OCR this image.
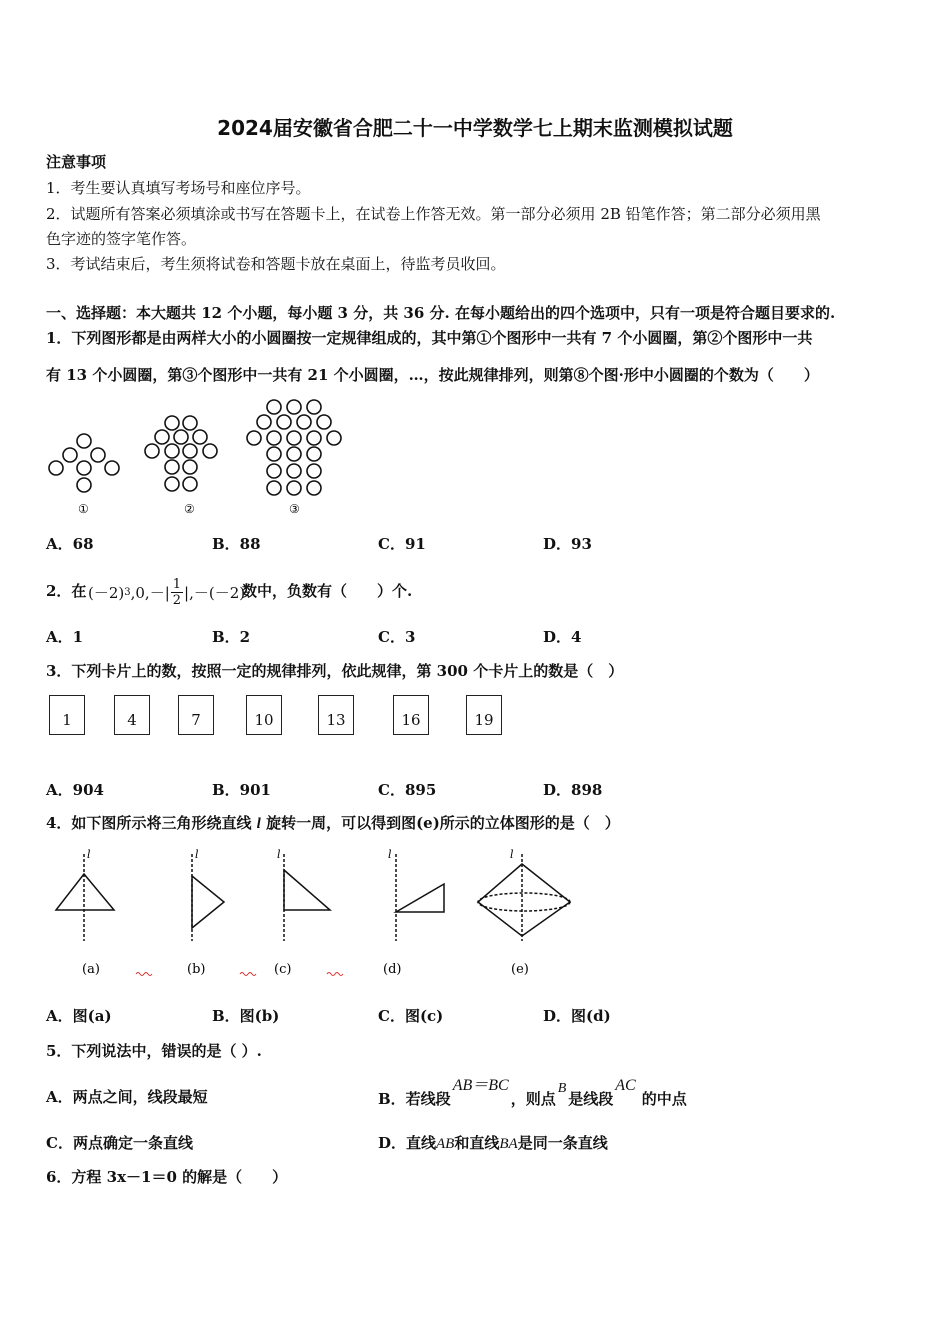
2024届安徽省合肥二十一中学数学七上期末监测模拟试题
注意事项
1．考生要认真填写考场号和座位序号。
2．试题所有答案必须填涂或书写在答题卡上，在试卷上作答无效。第一部分必须用 2B 铅笔作答；第二部分必须用黑
色字迹的签字笔作答。
3．考试结束后，考生须将试卷和答题卡放在桌面上，待监考员收回。
一、选择题：本大题共 12 个小题，每小题 3 分，共 36 分. 在每小题给出的四个选项中，只有一项是符合题目要求的.
1．下列图形都是由两样大小的小圆圈按一定规律组成的，其中第①个图形中一共有 7 个小圆圈，第②个图形中一共
有 13 个小圆圈，第③个图形中一共有 21 个小圆圈，…，按此规律排列，则第⑧个图·形中小圆圈的个数为（　　）
①	②	③
A．68	B．88	C．91	D．93
2．在 (－2) 3 $,0,-| \frac{1}{2} |,-(-2)$
数中，负数有（　　）个.
A．1	B．2	C．3	D．4
3．下列卡片上的数，按照一定的规律排列，依此规律，第 300 个卡片上的数是（　）
1	4	7	10	13	16	19
A．904	B．901	C．895	D．898
4．如下图所示将三角形绕直线 l 旋转一周，可以得到图(e)所示的立体图形的是（　）
l	l	l	l	l
(a)	(b)	(c)	(d)	(e)
A．图(a)	B．图(b)	C．图(c)	D．图(d)
5．下列说法中，错误的是（ ）.
A．两点之间，线段最短	B．若线段
AB＝BC
，则点
B
是线段
AC
的中点
C．两点确定一条直线	D．直线AB和直线BA是同一条直线
6．方程 3x－1＝0 的解是（　　）
